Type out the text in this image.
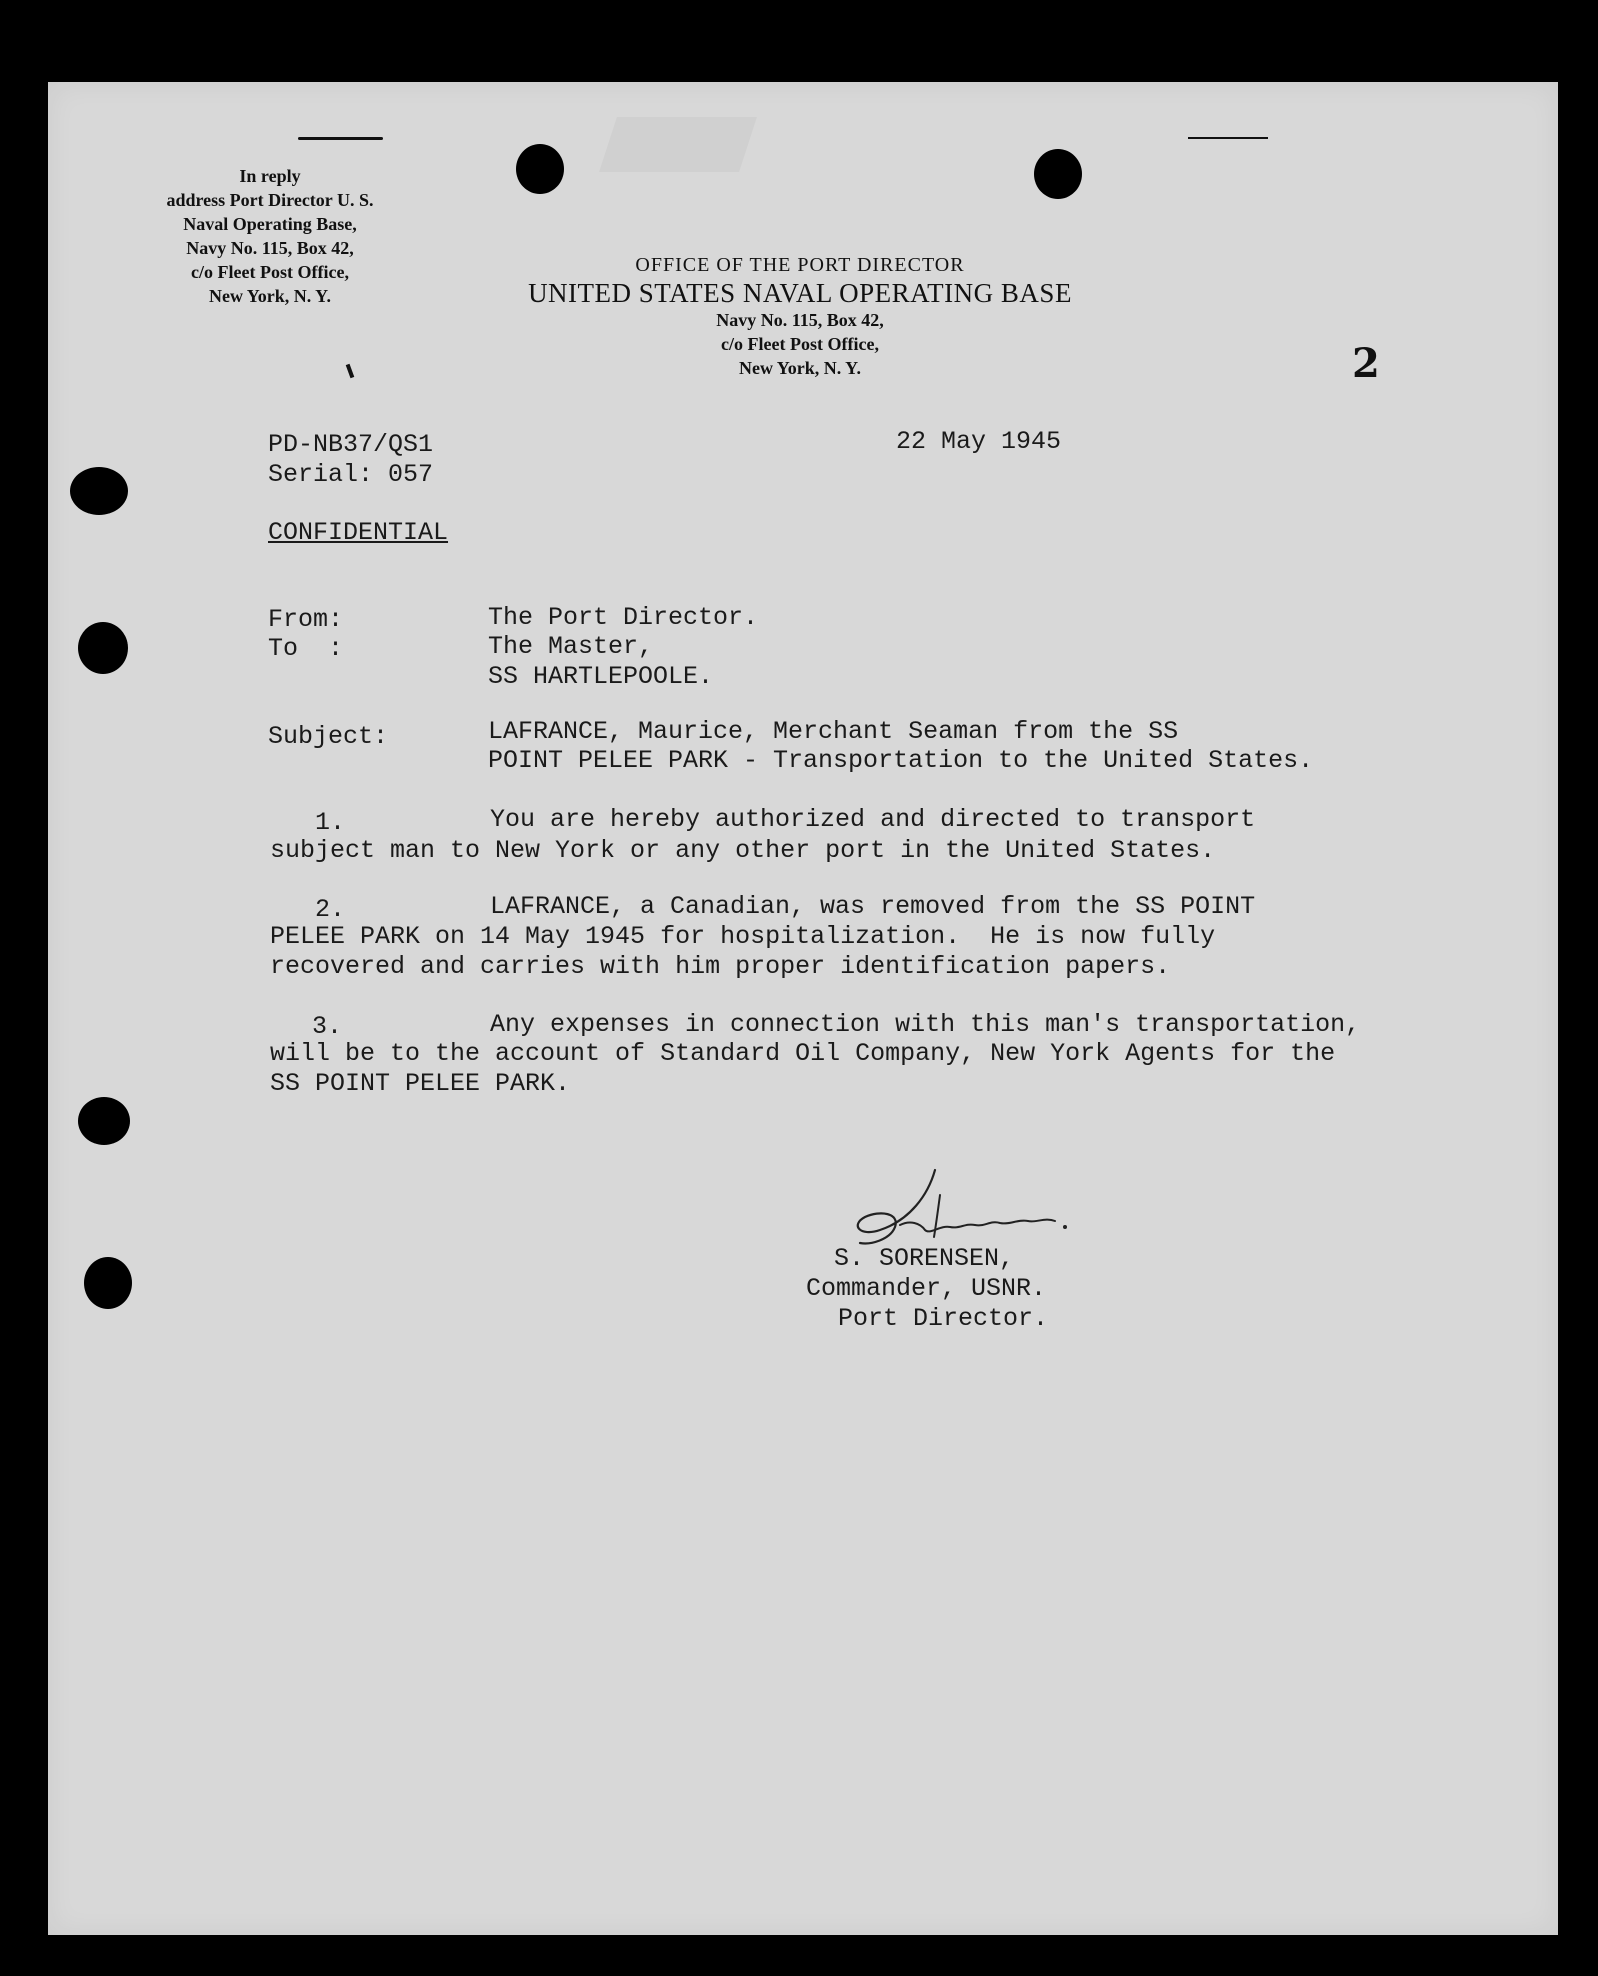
In reply
address Port Director U. S.
Naval Operating Base,
Navy No. 115, Box 42,
c/o Fleet Post Office,
New York, N. Y.
OFFICE OF THE PORT DIRECTOR
UNITED STATES NAVAL OPERATING BASE
Navy No. 115, Box 42,
c/o Fleet Post Office,
New York, N. Y.	2
PD-NB37/QS1
Serial: 057
22 May 1945
CONFIDENTIAL
From:	The Port Director.
To  :	The Master,
SS HARTLEPOOLE.
Subject:	LAFRANCE, Maurice, Merchant Seaman from the SS
POINT PELEE PARK - Transportation to the United States.
1.	You are hereby authorized and directed to transport
subject man to New York or any other port in the United States.
2.	LAFRANCE, a Canadian, was removed from the SS POINT
PELEE PARK on 14 May 1945 for hospitalization.  He is now fully
recovered and carries with him proper identification papers.
3.	Any expenses in connection with this man's transportation,
will be to the account of Standard Oil Company, New York Agents for the
SS POINT PELEE PARK.
S. SORENSEN,
Commander, USNR.
Port Director.
